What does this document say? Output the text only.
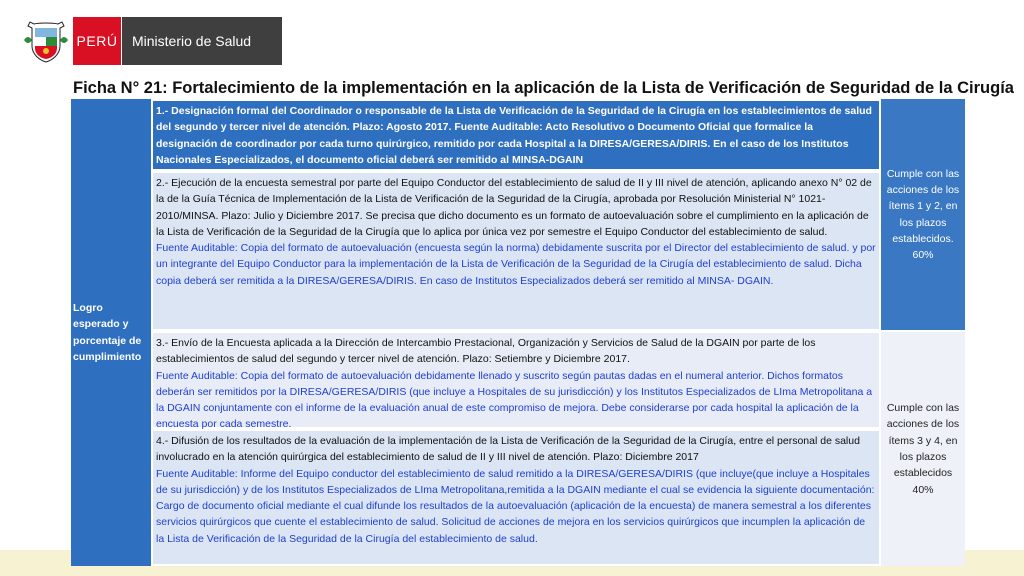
PERÚ Ministerio de Salud
Ficha N° 21: Fortalecimiento de la implementación en la aplicación de la Lista de Verificación de Seguridad de la Cirugía
Logro esperado y porcentaje de cumplimiento	1.- Designación formal del Coordinador o responsable de la Lista de Verificación de la Seguridad de la Cirugía en los establecimientos de salud del segundo y tercer nivel de atención. Plazo: Agosto 2017. Fuente Auditable: Acto Resolutivo o Documento Oficial que formalice la designación de coordinador por cada turno quirúrgico, remitido por cada Hospital a la DIRESA/GERESA/DIRIS. En el caso de los Institutos Nacionales Especializados, el documento oficial deberá ser remitido al MINSA-DGAIN	Cumple con las acciones de los ítems 1 y 2, en los plazos establecidos. 60%

	2.- Ejecución de la encuesta semestral por parte del Equipo Conductor del establecimiento de salud de II y III nivel de atención, aplicando anexo N° 02 de la de la Guía Técnica de Implementación de la Lista de Verificación de la Seguridad de la Cirugía, aprobada por Resolución Ministerial N° 1021-2010/MINSA. Plazo: Julio y Diciembre 2017. Se precisa que dicho documento es un formato de autoevaluación sobre el cumplimiento en la aplicación de la Lista de Verificación de la Seguridad de la Cirugía que lo aplica por única vez por semestre el Equipo Conductor del establecimiento de salud.
Fuente Auditable: Copia del formato de autoevaluación (encuesta según la norma) debidamente suscrita por el Director del establecimiento de salud. y por un integrante del Equipo Conductor para la implementación de la Lista de Verificación de la Seguridad de la Cirugía del establecimiento de salud. Dicha copia deberá ser remitida a la DIRESA/GERESA/DIRIS. En caso de Institutos Especializados deberá ser remitido al MINSA- DGAIN.	

	3.- Envío de la Encuesta aplicada a la Dirección de Intercambio Prestacional, Organización y Servicios de Salud de la DGAIN por parte de los establecimientos de salud del segundo y tercer nivel de atención. Plazo: Setiembre y Diciembre 2017.
Fuente Auditable: Copia del formato de autoevaluación debidamente llenado y suscrito según pautas dadas en el numeral anterior. Dichos formatos deberán ser remitidos por la DIRESA/GERESA/DIRIS (que incluye a Hospitales de su jurisdicción) y los Institutos Especializados de LIma Metropolitana a la DGAIN conjuntamente con el informe de la evaluación anual de este compromiso de mejora. Debe considerarse por cada hospital la aplicación de la encuesta por cada semestre.	Cumple con las acciones de los ítems 3 y 4, en los plazos establecidos 40%

	4.- Difusión de los resultados de la evaluación de la implementación de la Lista de Verificación de la Seguridad de la Cirugía, entre el personal de salud involucrado en la atención quirúrgica del establecimiento de salud de II y III nivel de atención. Plazo: Diciembre 2017
Fuente Auditable: Informe del Equipo conductor del establecimiento de salud remitido a la DIRESA/GERESA/DIRIS (que incluye(que incluye a Hospitales de su jurisdicción) y de los Institutos Especializados de LIma Metropolitana,remitida a la DGAIN mediante el cual se evidencia la siguiente documentación: Cargo de documento oficial mediante el cual difunde los resultados de la autoevaluación (aplicación de la encuesta) de manera semestral a los diferentes servicios quirúrgicos que cuente el establecimiento de salud. Solicitud de acciones de mejora en los servicios quirúrgicos que incumplen la aplicación de la Lista de Verificación de la Seguridad de la Cirugía del establecimiento de salud.	
